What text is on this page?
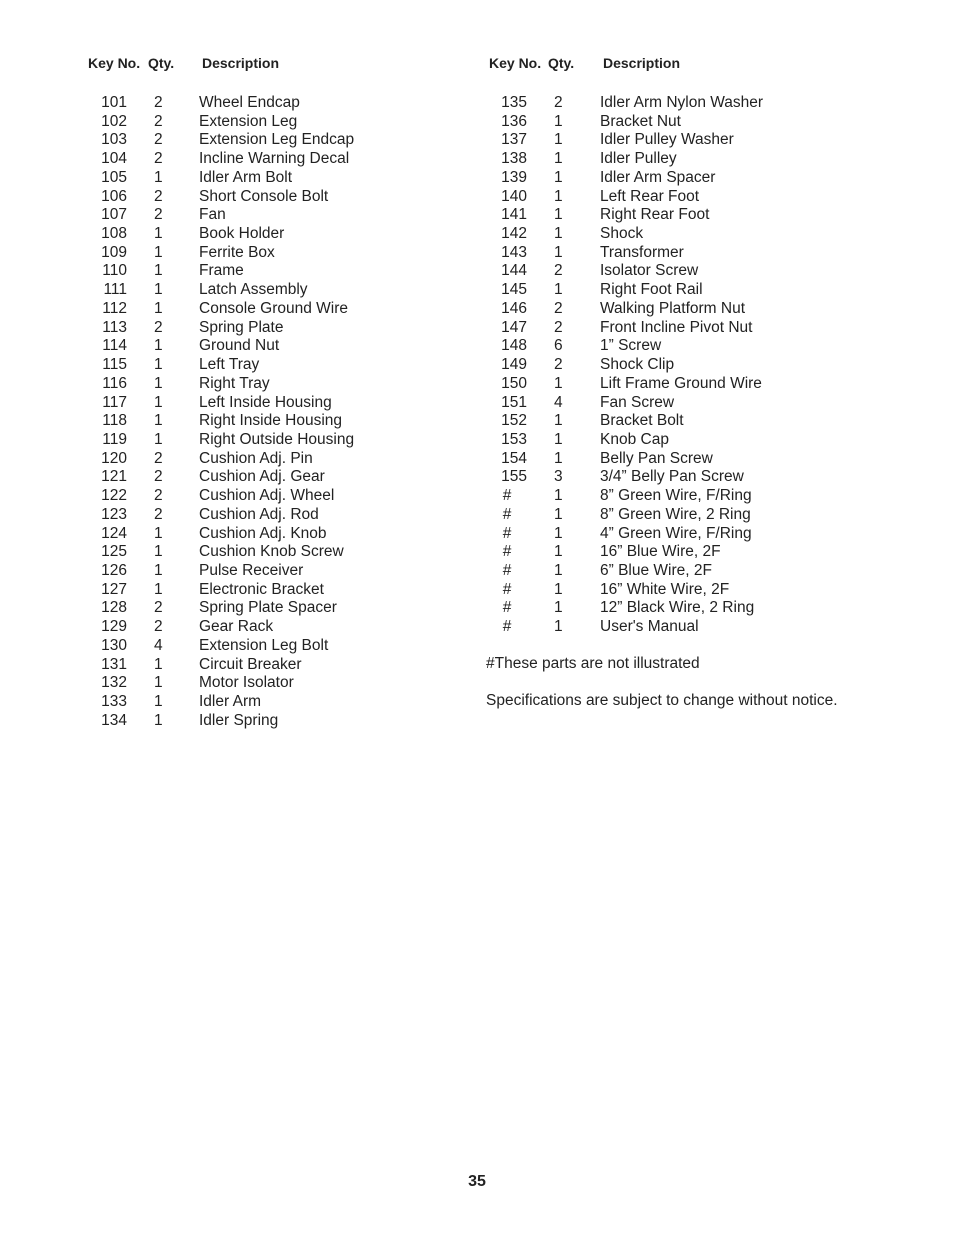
Key No. Qty. Description	Key No. Qty. Description
101 2 Wheel Endcap
102 2 Extension Leg
103 2 Extension Leg Endcap
104 2 Incline Warning Decal
105 1 Idler Arm Bolt
106 2 Short Console Bolt
107 2 Fan
108 1 Book Holder
109 1 Ferrite Box
110 1 Frame
111 1 Latch Assembly
112 1 Console Ground Wire
113 2 Spring Plate
114 1 Ground Nut
115 1 Left Tray
116 1 Right Tray
117 1 Left Inside Housing
118 1 Right Inside Housing
119 1 Right Outside Housing
120 2 Cushion Adj. Pin
121 2 Cushion Adj. Gear
122 2 Cushion Adj. Wheel
123 2 Cushion Adj. Rod
124 1 Cushion Adj. Knob
125 1 Cushion Knob Screw
126 1 Pulse Receiver
127 1 Electronic Bracket
128 2 Spring Plate Spacer
129 2 Gear Rack
130 4 Extension Leg Bolt
131 1 Circuit Breaker
132 1 Motor Isolator
133 1 Idler Arm
134 1 Idler Spring
135 2 Idler Arm Nylon Washer
136 1 Bracket Nut
137 1 Idler Pulley Washer
138 1 Idler Pulley
139 1 Idler Arm Spacer
140 1 Left Rear Foot
141 1 Right Rear Foot
142 1 Shock
143 1 Transformer
144 2 Isolator Screw
145 1 Right Foot Rail
146 2 Walking Platform Nut
147 2 Front Incline Pivot Nut
148 6 1” Screw
149 2 Shock Clip
150 1 Lift Frame Ground Wire
151 4 Fan Screw
152 1 Bracket Bolt
153 1 Knob Cap
154 1 Belly Pan Screw
155 3 3/4” Belly Pan Screw
#	1 8” Green Wire, F/Ring
#	1 8” Green Wire, 2 Ring
#	1 4” Green Wire, F/Ring
#	1 16” Blue Wire, 2F
#	1 6” Blue Wire, 2F
#	1 16” White Wire, 2F
#	1 12” Black Wire, 2 Ring
#	1 User's Manual
#These parts are not illustrated
Specifications are subject to change without notice.
35
